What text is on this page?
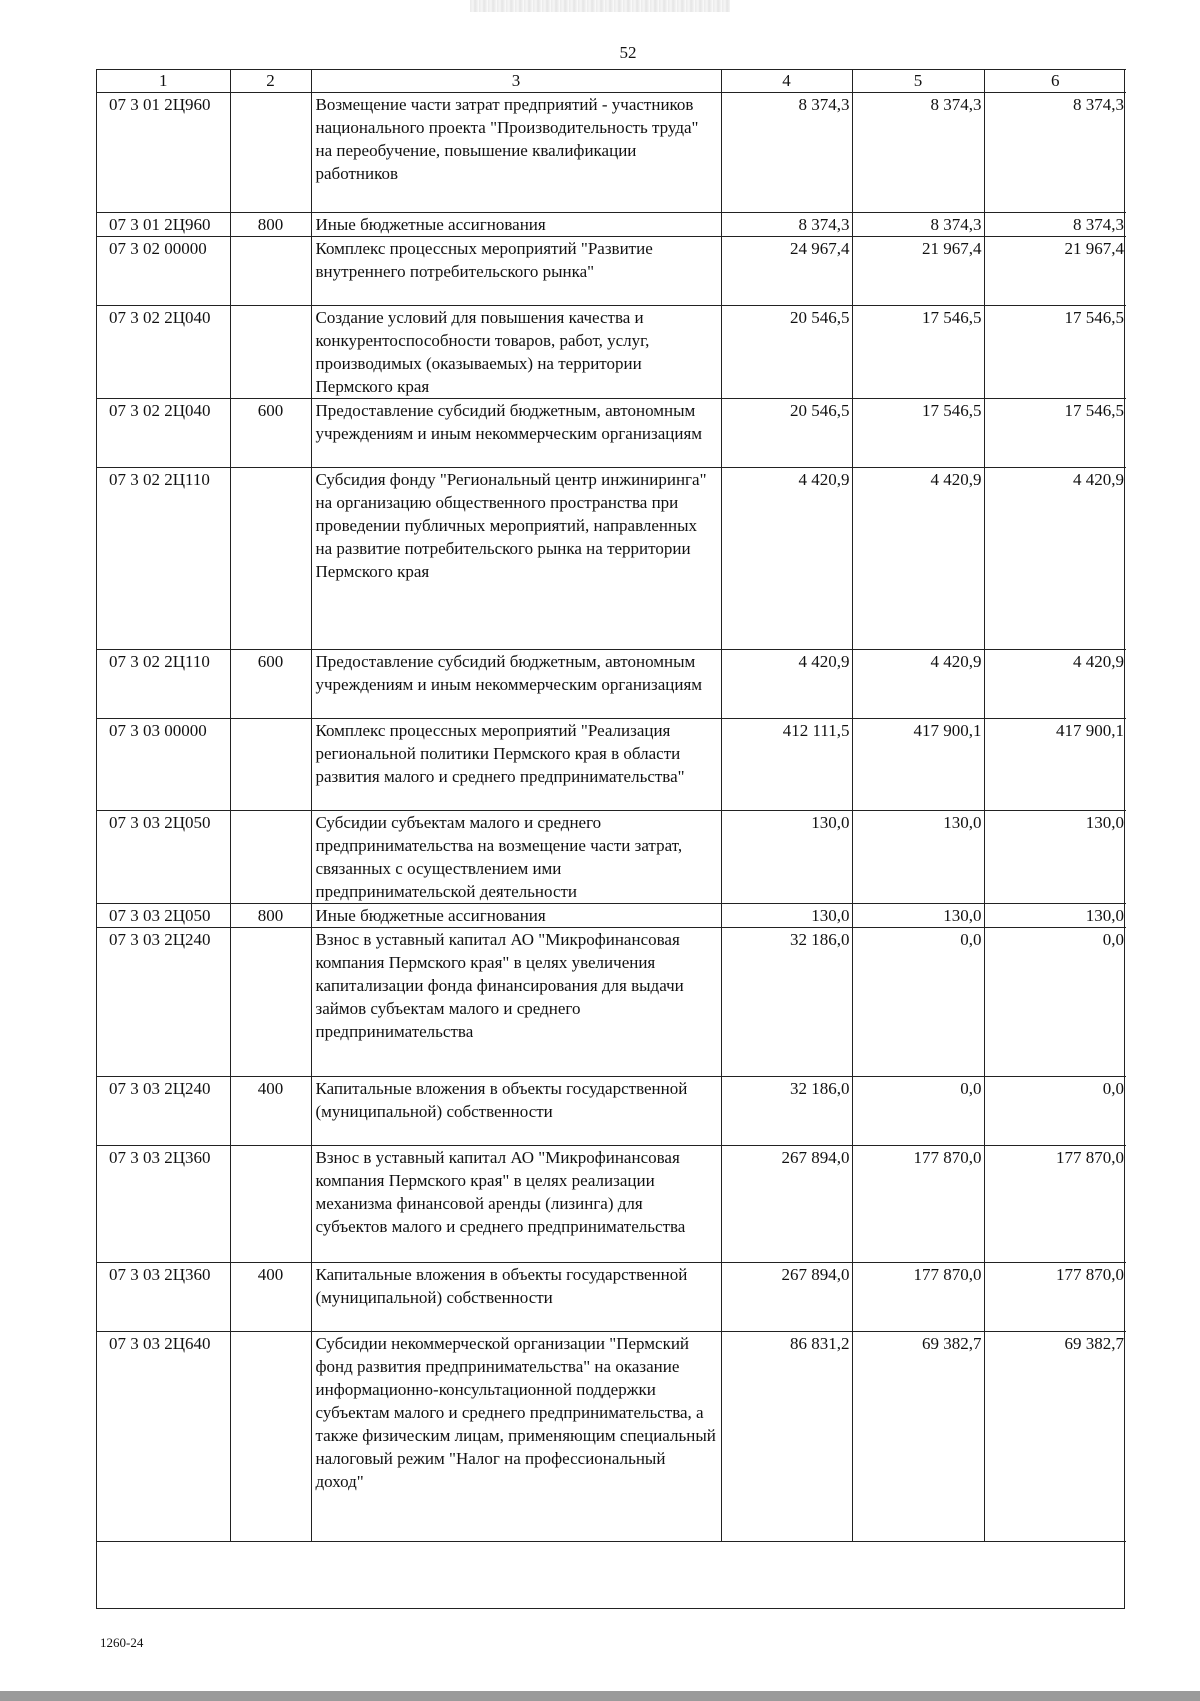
52
1	2	3	4	5	6
07 3 01 2Ц960		Возмещение части затрат предприятий - участников национального проекта "Производительность труда" на переобучение, повышение квалификации работников	8 374,3	8 374,3	8 374,3
07 3 01 2Ц960	800	Иные бюджетные ассигнования	8 374,3	8 374,3	8 374,3
07 3 02 00000		Комплекс процессных мероприятий "Развитие внутреннего потребительского рынка"	24 967,4	21 967,4	21 967,4
07 3 02 2Ц040		Создание условий для повышения качества и конкурентоспособности товаров, работ, услуг, производимых (оказываемых) на территории Пермского края	20 546,5	17 546,5	17 546,5
07 3 02 2Ц040	600	Предоставление субсидий бюджетным, автономным учреждениям и иным некоммерческим организациям	20 546,5	17 546,5	17 546,5
07 3 02 2Ц110		Субсидия фонду "Региональный центр инжиниринга" на организацию общественного пространства при проведении публичных мероприятий, направленных на развитие потребительского рынка на территории Пермского края	4 420,9	4 420,9	4 420,9
07 3 02 2Ц110	600	Предоставление субсидий бюджетным, автономным учреждениям и иным некоммерческим организациям	4 420,9	4 420,9	4 420,9
07 3 03 00000		Комплекс процессных мероприятий "Реализация региональной политики Пермского края в области развития малого и среднего предпринимательства"	412 111,5	417 900,1	417 900,1
07 3 03 2Ц050		Субсидии субъектам малого и среднего предпринимательства на возмещение части затрат, связанных с осуществлением ими предпринимательской деятельности	130,0	130,0	130,0
07 3 03 2Ц050	800	Иные бюджетные ассигнования	130,0	130,0	130,0
07 3 03 2Ц240		Взнос в уставный капитал АО "Микрофинансовая компания Пермского края" в целях увеличения капитализации фонда финансирования для выдачи займов субъектам малого и среднего предпринимательства	32 186,0	0,0	0,0
07 3 03 2Ц240	400	Капитальные вложения в объекты государственной (муниципальной) собственности	32 186,0	0,0	0,0
07 3 03 2Ц360		Взнос в уставный капитал АО "Микрофинансовая компания Пермского края" в целях реализации механизма финансовой аренды (лизинга) для субъектов малого и среднего предпринимательства	267 894,0	177 870,0	177 870,0
07 3 03 2Ц360	400	Капитальные вложения в объекты государственной (муниципальной) собственности	267 894,0	177 870,0	177 870,0
07 3 03 2Ц640		Субсидии некоммерческой организации "Пермский фонд развития предпринимательства" на оказание информационно-консультационной поддержки субъектам малого и среднего предпринимательства, а также физическим лицам, применяющим специальный налоговый режим "Налог на профессиональный доход"	86 831,2	69 382,7	69 382,7
1260-24
